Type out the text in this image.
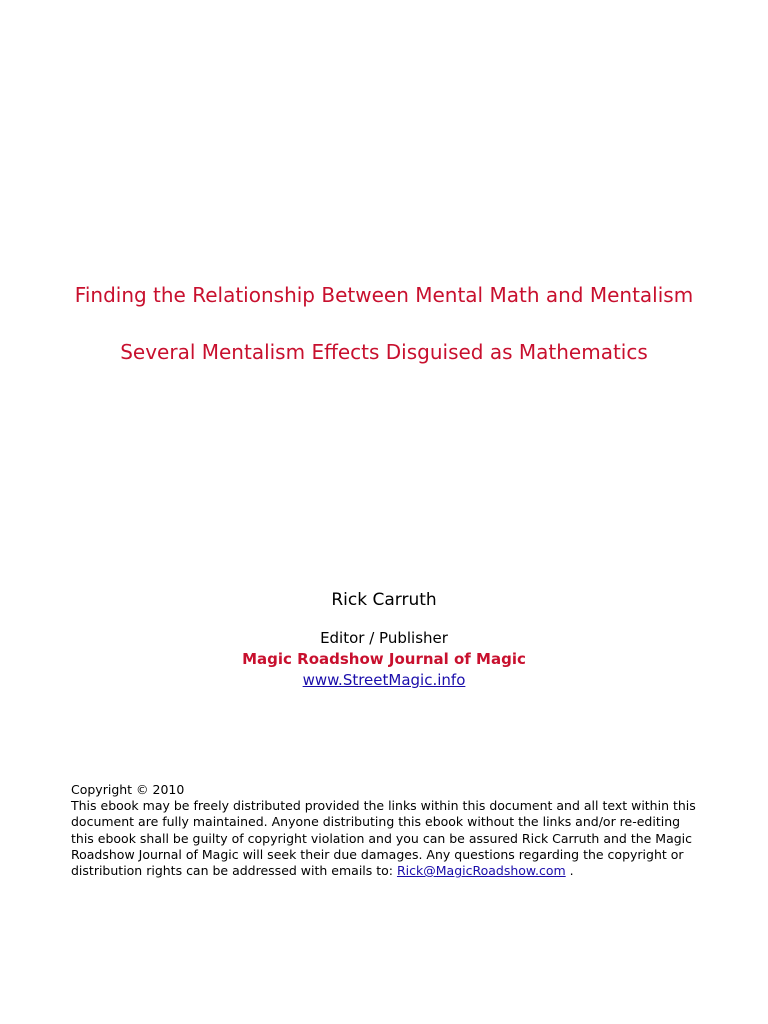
Finding the Relationship Between Mental Math and Mentalism
Several Mentalism Effects Disguised as Mathematics
Rick Carruth
Editor / Publisher
Magic Roadshow Journal of Magic
www.StreetMagic.info
Copyright © 2010
This ebook may be freely distributed provided the links within this document and all text within this
document are fully maintained. Anyone distributing this ebook without the links and/or re-editing
this ebook shall be guilty of copyright violation and you can be assured Rick Carruth and the Magic
Roadshow Journal of Magic will seek their due damages. Any questions regarding the copyright or
distribution rights can be addressed with emails to: Rick@MagicRoadshow.com .
